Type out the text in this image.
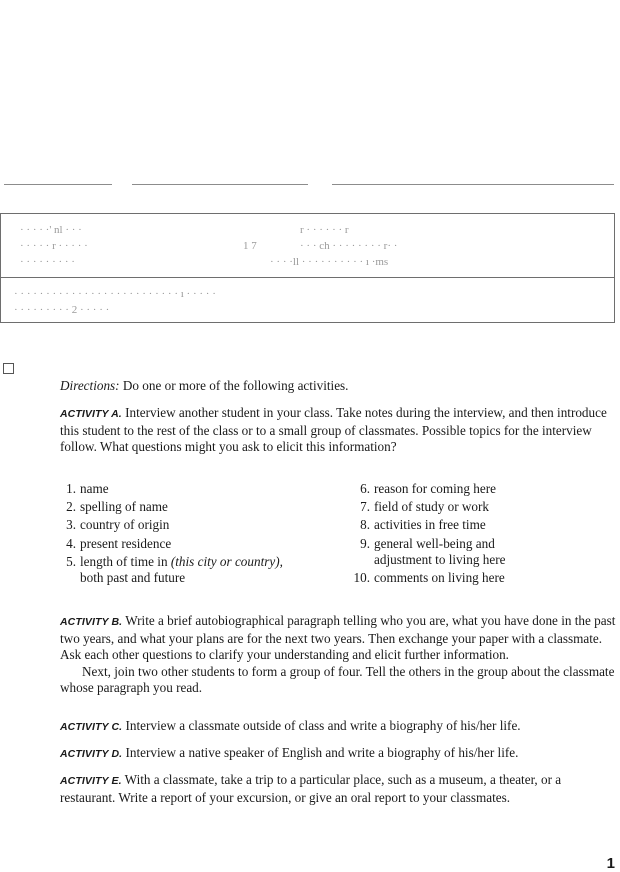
· · · · ·' nl · · ·	r · · · · · · r
· · · · · r · · · · ·	1 7	· · · ch · · · · · · · · r· ·
· · · · · · · · ·	· · · ·ll · · · · · · · · · · ı ·ms
· · · · · · · · · · · · · · · · · · · · · · · · · · ı · · · · ·
· · · · · · · · · 2 · · · · ·
Directions: Do one or more of the following activities.
ACTIVITY A. Interview another student in your class. Take notes during the interview, and then introduce this student to the rest of the class or to a small group of classmates. Possible topics for the interview follow. What questions might you ask to elicit this information?
1. name
2. spelling of name
3. country of origin
4. present residence
5. length of time in (this city or country),
both past and future

6. reason for coming here
7. field of study or work
8. activities in free time
9. general well-being and
adjustment to living here

10. comments on living here
ACTIVITY B. Write a brief autobiographical paragraph telling who you are, what you have done in the past two years, and what your plans are for the next two years. Then exchange your paper with a classmate. Ask each other questions to clarify your understanding and elicit further information.
Next, join two other students to form a group of four. Tell the others in the group about the classmate whose paragraph you read.
ACTIVITY C. Interview a classmate outside of class and write a biography of his/her life.
ACTIVITY D. Interview a native speaker of English and write a biography of his/her life.
ACTIVITY E. With a classmate, take a trip to a particular place, such as a museum, a theater, or a restaurant. Write a report of your excursion, or give an oral report to your classmates.
1
